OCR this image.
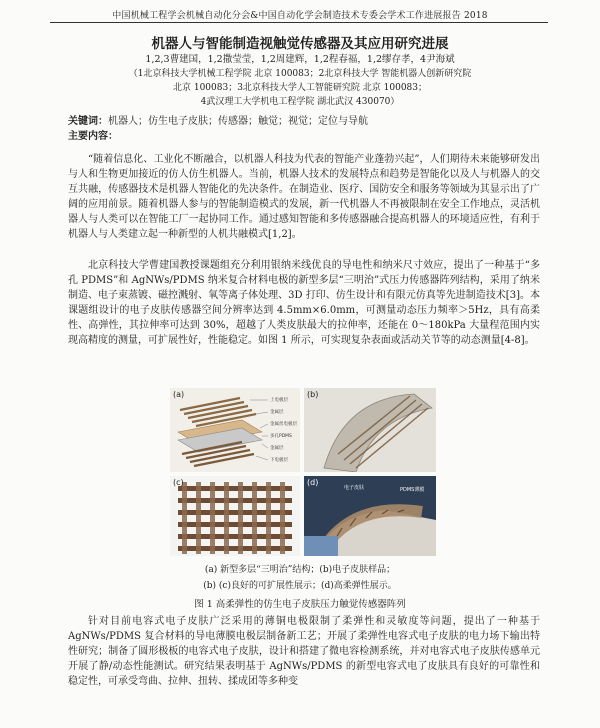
中国机械工程学会机械自动化分会&中国自动化学会制造技术专委会学术工作进展报告 2018
机器人与智能制造视触觉传感器及其应用研究进展
1,2,3曹建国，1,2撒莹莹，1,2周建辉，1,2程春福，1,2缪存孝，4尹海斌
（1北京科技大学机械工程学院 北京 100083；2北京科技大学 智能机器人创新研究院
北京 100083；3北京科技大学人工智能研究院 北京 100083；
4武汉理工大学机电工程学院 湖北武汉 430070）
关键词：机器人；仿生电子皮肤；传感器；触觉；视觉；定位与导航
主要内容：

“随着信息化、工业化不断融合，以机器人科技为代表的智能产业蓬勃兴起”，人们期待未来能够研发出与人和生物更加接近的仿人仿生机器人。当前，机器人技术的发展特点和趋势是智能化以及人与机器人的交互共融，传感器技术是机器人智能化的先决条件。在制造业、医疗、国防安全和服务等领域为其显示出了广阔的应用前景。随着机器人参与的智能制造模式的发展，新一代机器人不再被限制在安全工作地点，灵活机器人与人类可以在智能工厂一起协同工作。通过感知智能和多传感器融合提高机器人的环境适应性，有利于机器人与人类建立起一种新型的人机共融模式[1,2]。

北京科技大学曹建国教授课题组充分利用银纳米线优良的导电性和纳米尺寸效应，提出了一种基于“多孔 PDMS”和 AgNWs/PDMS 纳米复合材料电极的新型多层“三明治”式压力传感器阵列结构，采用了纳米制造、电子束蒸镀、磁控溅射、氧等离子体处理、3D 打印、仿生设计和有限元仿真等先进制造技术[3]。本课题组设计的电子皮肤传感器空间分辨率达到 4.5mm×6.0mm，可测量动态压力频率＞5Hz，具有高柔性、高弹性，其拉伸率可达到 30%，超越了人类皮肤最大的拉伸率，还能在 0～180kPa 大量程范围内实现高精度的测量，可扩展性好，性能稳定。如图 1 所示，可实现复杂表面或活动关节等的动态测量[4-8]。

(a)
上电极层
金属层
金属丝电极层
多孔PDMS
金属层
下电极层
(b)
(c)	(d)
电子皮肤	PDMS薄膜
(a) 新型多层“三明治”结构；(b)电子皮肤样品；
(b) (c)良好的可扩展性展示；(d)高柔弹性展示。
图 1 高柔弹性的仿生电子皮肤压力触觉传感器阵列

针对目前电容式电子皮肤广泛采用的薄铜电极限制了柔弹性和灵敏度等问题，提出了一种基于 AgNWs/PDMS 复合材料的导电薄膜电极层制备新工艺；开展了柔弹性电容式电子皮肤的电力场下输出特性研究；制备了圆形极板的电容式电子皮肤，设计和搭建了微电容检测系统，并对电容式电子皮肤传感单元开展了静/动态性能测试。研究结果表明基于 AgNWs/PDMS 的新型电容式电了皮肤具有良好的可靠性和稳定性，可承受弯曲、拉伸、扭转、揉成团等多种变
